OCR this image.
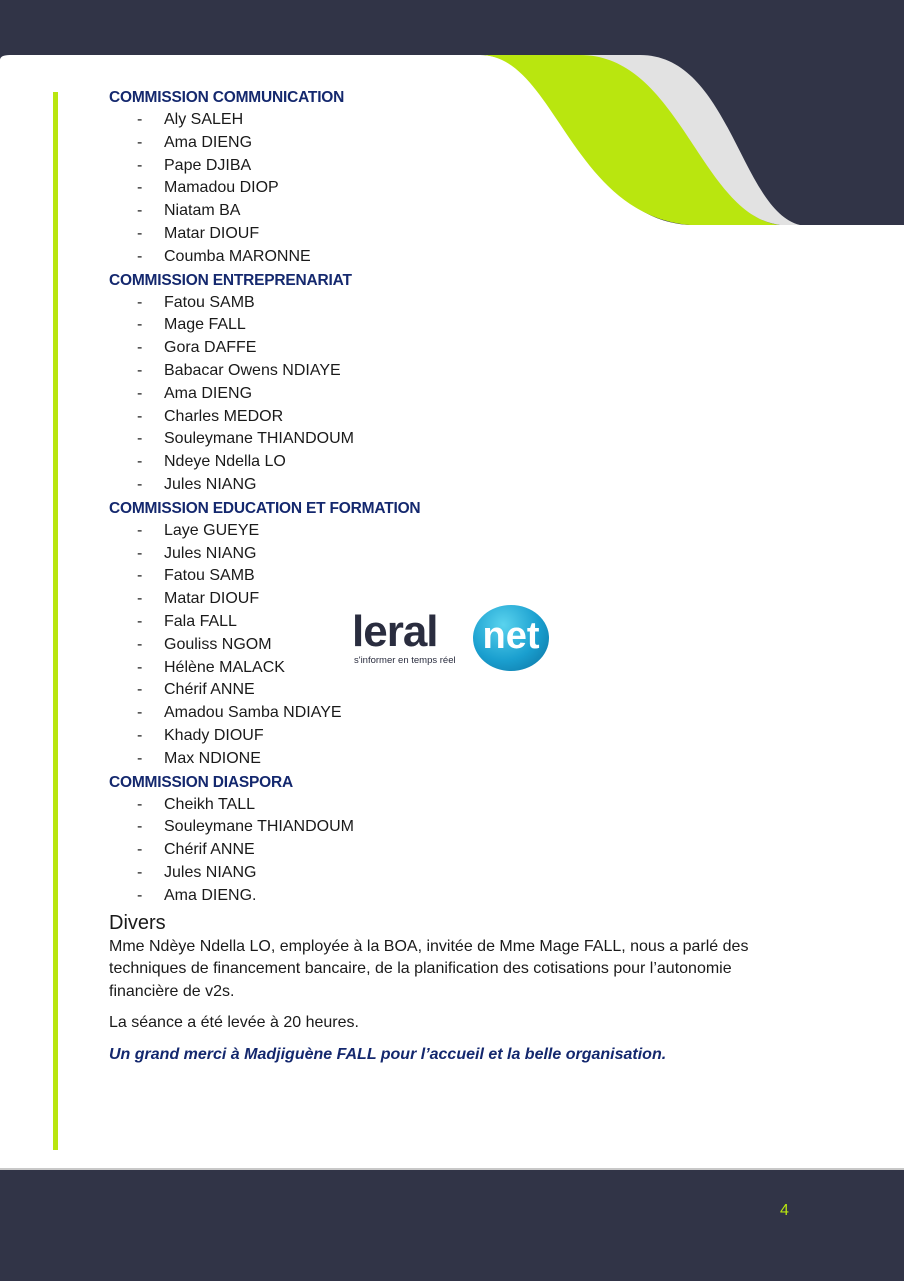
COMMISSION COMMUNICATION
- Aly SALEH
- Ama DIENG
- Pape DJIBA
- Mamadou DIOP
- Niatam BA
- Matar DIOUF
- Coumba MARONNE
COMMISSION ENTREPRENARIAT
- Fatou SAMB
- Mage FALL
- Gora DAFFE
- Babacar Owens NDIAYE
- Ama DIENG
- Charles MEDOR
- Souleymane THIANDOUM
- Ndeye Ndella LO
- Jules NIANG
COMMISSION EDUCATION ET FORMATION
- Laye GUEYE
- Jules NIANG
- Fatou SAMB
- Matar DIOUF
- Fala FALL
- Gouliss NGOM
- Hélène MALACK
- Chérif ANNE
- Amadou Samba NDIAYE
- Khady DIOUF
- Max NDIONE
COMMISSION DIASPORA
- Cheikh TALL
- Souleymane THIANDOUM
- Chérif ANNE
- Jules NIANG
- Ama DIENG.
Divers

Mme Ndèye Ndella LO, employée à la BOA, invitée de Mme Mage FALL, nous a parlé des techniques de financement bancaire, de la planification des cotisations pour l’autonomie financière de v2s.

La séance a été levée à 20 heures.

Un grand merci à Madjiguène FALL pour l’accueil et la belle organisation.
leral net
s'informer en temps réel
4
